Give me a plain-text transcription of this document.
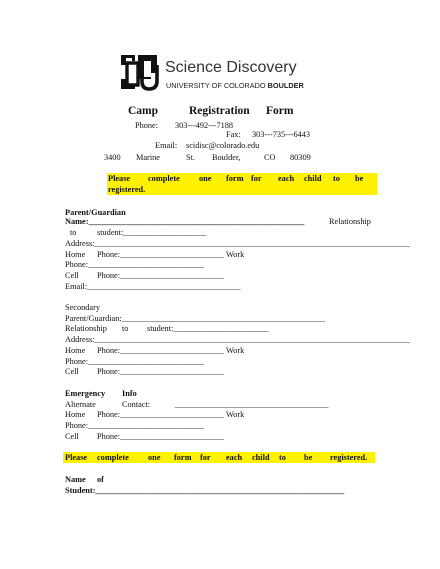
Science Discovery
UNIVERSITY OF COLORADO BOULDER
Camp	Registration Form
Phone: 303---492---7188
Fax: 303---735---6443
Email: scidisc@colorado.edu
3400 Marine	St. Boulder,	CO 80309
Please complete one form for each child to be
registered.
Parent/Guardian
Name:____________________________________________________	Relationship
to student:____________________
Address:____________________________________________________________________________
Home Phone:_________________________ Work
Phone:____________________________
Cell Phone:_________________________
Email:_____________________________________
Secondary
Parent/Guardian:_________________________________________________
Relationship to student:_______________________
Address:____________________________________________________________________________
Home Phone:_________________________ Work
Phone:____________________________
Cell Phone:_________________________
Emergency Info
Alternate	Contact:	_____________________________________
Home Phone:_________________________ Work
Phone:____________________________
Cell Phone:_________________________
Please complete one form for each child to be registered.
Name of
Student:____________________________________________________________
